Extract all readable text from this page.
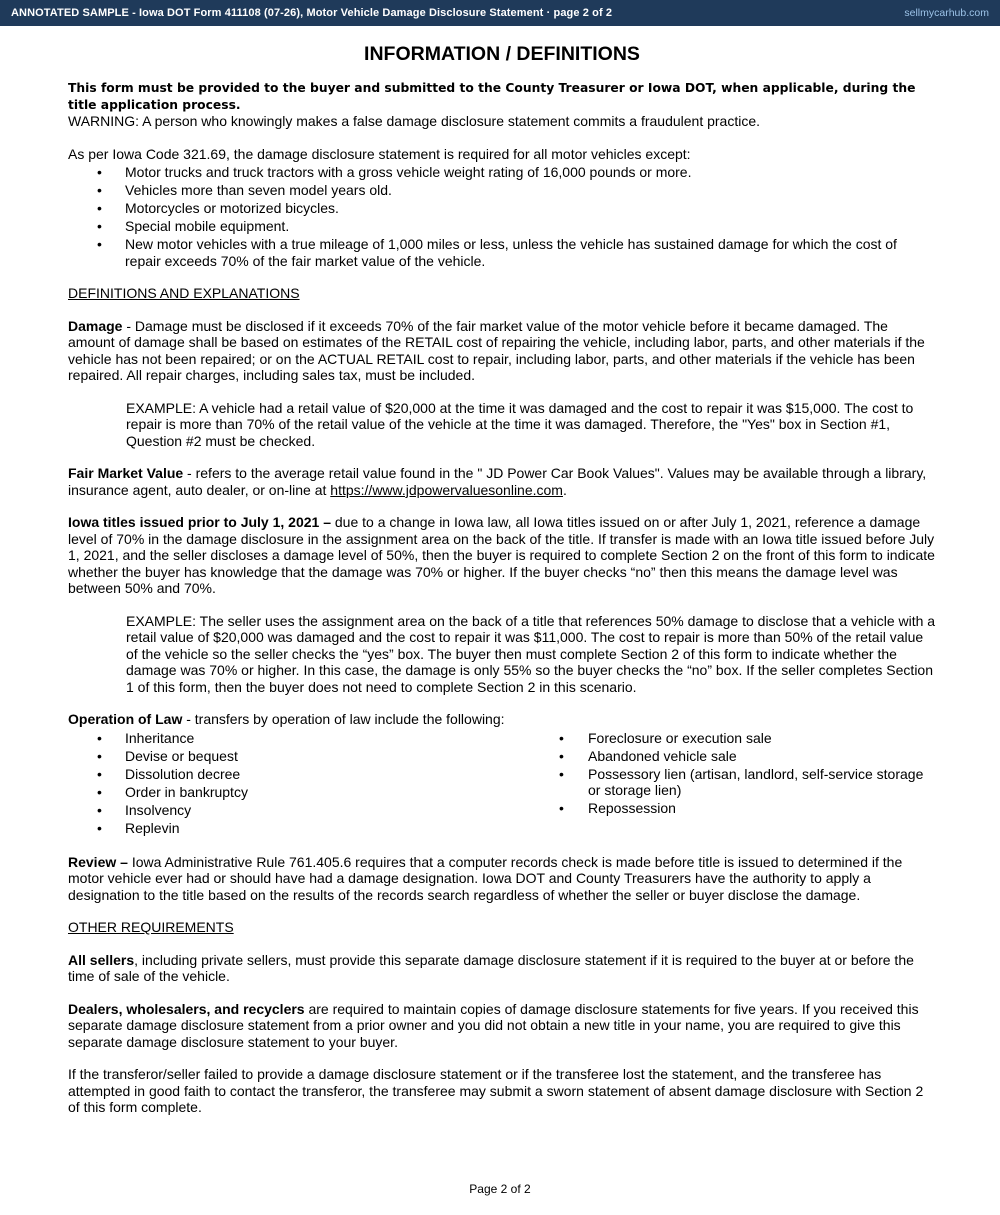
ANNOTATED SAMPLE - Iowa DOT Form 411108 (07-26), Motor Vehicle Damage Disclosure Statement · page 2 of 2	sellmycarhub.com
INFORMATION / DEFINITIONS

This form must be provided to the buyer and submitted to the County Treasurer or Iowa DOT, when applicable, during the title application process.

WARNING: A person who knowingly makes a false damage disclosure statement commits a fraudulent practice.

As per Iowa Code 321.69, the damage disclosure statement is required for all motor vehicles except:

• Motor trucks and truck tractors with a gross vehicle weight rating of 16,000 pounds or more.
• Vehicles more than seven model years old.
• Motorcycles or motorized bicycles.
• Special mobile equipment.
• New motor vehicles with a true mileage of 1,000 miles or less, unless the vehicle has sustained damage for which the cost of repair exceeds 70% of the fair market value of the vehicle.

DEFINITIONS AND EXPLANATIONS

Damage - Damage must be disclosed if it exceeds 70% of the fair market value of the motor vehicle before it became damaged. The amount of damage shall be based on estimates of the RETAIL cost of repairing the vehicle, including labor, parts, and other materials if the vehicle has not been repaired; or on the ACTUAL RETAIL cost to repair, including labor, parts, and other materials if the vehicle has been repaired. All repair charges, including sales tax, must be included.

EXAMPLE: A vehicle had a retail value of $20,000 at the time it was damaged and the cost to repair it was $15,000. The cost to repair is more than 70% of the retail value of the vehicle at the time it was damaged. Therefore, the "Yes" box in Section #1, Question #2 must be checked.

Fair Market Value - refers to the average retail value found in the " JD Power Car Book Values". Values may be available through a library, insurance agent, auto dealer, or on-line at https://www.jdpowervaluesonline.com.

Iowa titles issued prior to July 1, 2021 – due to a change in Iowa law, all Iowa titles issued on or after July 1, 2021, reference a damage level of 70% in the damage disclosure in the assignment area on the back of the title. If transfer is made with an Iowa title issued before July 1, 2021, and the seller discloses a damage level of 50%, then the buyer is required to complete Section 2 on the front of this form to indicate whether the buyer has knowledge that the damage was 70% or higher. If the buyer checks “no” then this means the damage level was between 50% and 70%.

EXAMPLE: The seller uses the assignment area on the back of a title that references 50% damage to disclose that a vehicle with a retail value of $20,000 was damaged and the cost to repair it was $11,000. The cost to repair is more than 50% of the retail value of the vehicle so the seller checks the “yes” box. The buyer then must complete Section 2 of this form to indicate whether the damage was 70% or higher. In this case, the damage is only 55% so the buyer checks the “no” box. If the seller completes Section 1 of this form, then the buyer does not need to complete Section 2 in this scenario.

Operation of Law - transfers by operation of law include the following:

• Inheritance
• Devise or bequest
• Dissolution decree
• Order in bankruptcy
• Insolvency
• Replevin
• Foreclosure or execution sale
• Abandoned vehicle sale
• Possessory lien (artisan, landlord, self-service storage or storage lien)
• Repossession

Review – Iowa Administrative Rule 761.405.6 requires that a computer records check is made before title is issued to determined if the motor vehicle ever had or should have had a damage designation. Iowa DOT and County Treasurers have the authority to apply a designation to the title based on the results of the records search regardless of whether the seller or buyer disclose the damage.

OTHER REQUIREMENTS

All sellers, including private sellers, must provide this separate damage disclosure statement if it is required to the buyer at or before the time of sale of the vehicle.

Dealers, wholesalers, and recyclers are required to maintain copies of damage disclosure statements for five years. If you received this separate damage disclosure statement from a prior owner and you did not obtain a new title in your name, you are required to give this separate damage disclosure statement to your buyer.

If the transferor/seller failed to provide a damage disclosure statement or if the transferee lost the statement, and the transferee has attempted in good faith to contact the transferor, the transferee may submit a sworn statement of absent damage disclosure with Section 2 of this form complete.

Page 2 of 2
